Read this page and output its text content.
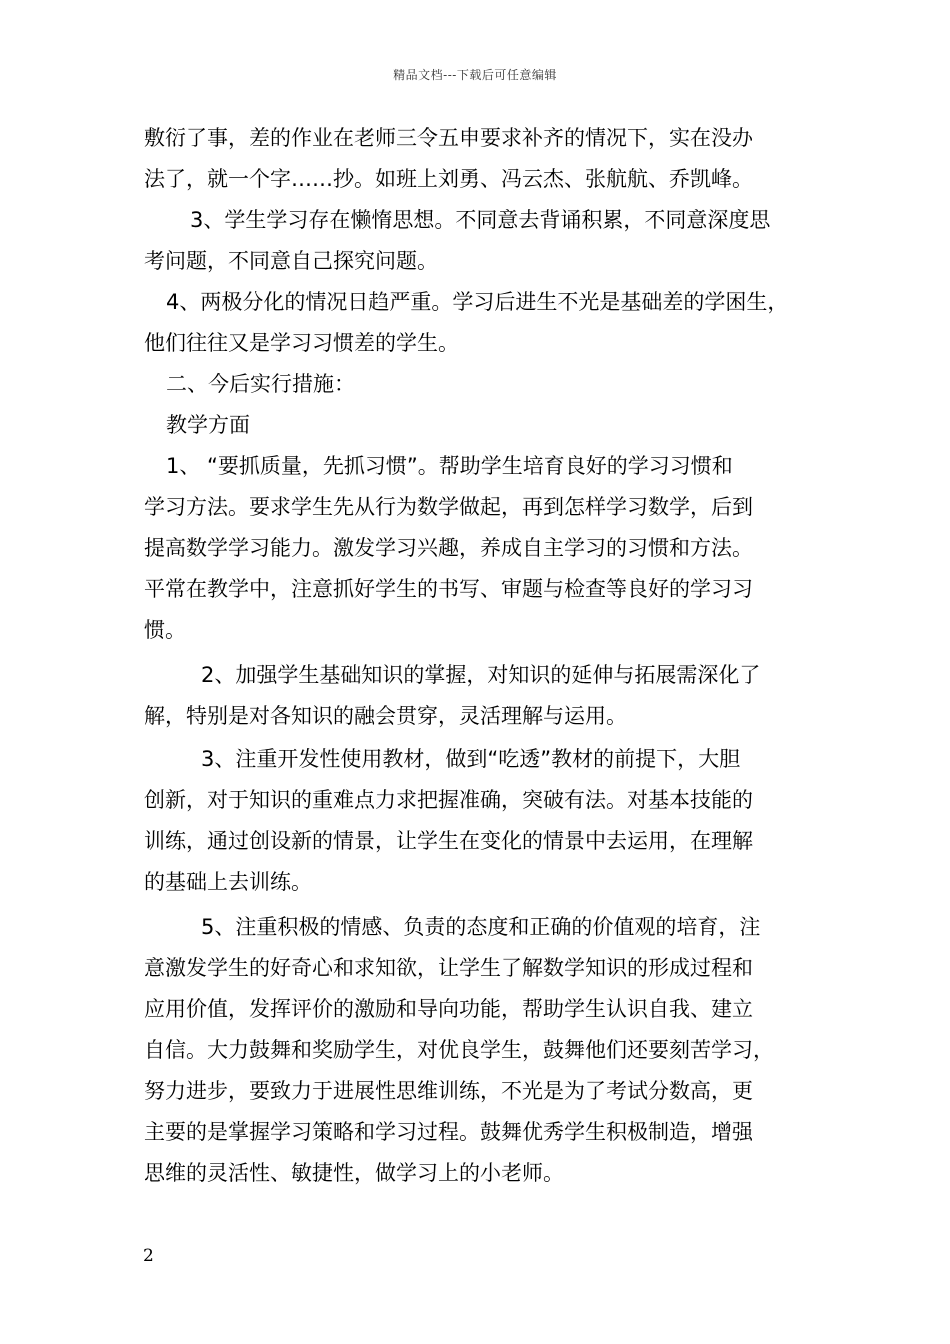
精品文档---下载后可任意编辑
敷衍了事，差的作业在老师三令五申要求补齐的情况下，实在没办
法了，就一个字……抄。如班上刘勇、冯云杰、张航航、乔凯峰。
3、学生学习存在懒惰思想。不同意去背诵积累，不同意深度思
考问题，不同意自己探究问题。
4、两极分化的情况日趋严重。学习后进生不光是基础差的学困生，
他们往往又是学习习惯差的学生。
二、今后实行措施：
教学方面
1、 “要抓质量，先抓习惯”。帮助学生培育良好的学习习惯和
学习方法。要求学生先从行为数学做起，再到怎样学习数学，后到
提高数学学习能力。激发学习兴趣，养成自主学习的习惯和方法。
平常在教学中，注意抓好学生的书写、审题与检查等良好的学习习
惯。
2、加强学生基础知识的掌握，对知识的延伸与拓展需深化了
解，特别是对各知识的融会贯穿，灵活理解与运用。
3、注重开发性使用教材，做到“吃透”教材的前提下，大胆
创新，对于知识的重难点力求把握准确，突破有法。对基本技能的
训练，通过创设新的情景，让学生在变化的情景中去运用，在理解
的基础上去训练。
5、注重积极的情感、负责的态度和正确的价值观的培育，注
意激发学生的好奇心和求知欲，让学生了解数学知识的形成过程和
应用价值，发挥评价的激励和导向功能，帮助学生认识自我、建立
自信。大力鼓舞和奖励学生，对优良学生，鼓舞他们还要刻苦学习，
努力进步，要致力于进展性思维训练，不光是为了考试分数高，更
主要的是掌握学习策略和学习过程。鼓舞优秀学生积极制造，增强
思维的灵活性、敏捷性，做学习上的小老师。
2
